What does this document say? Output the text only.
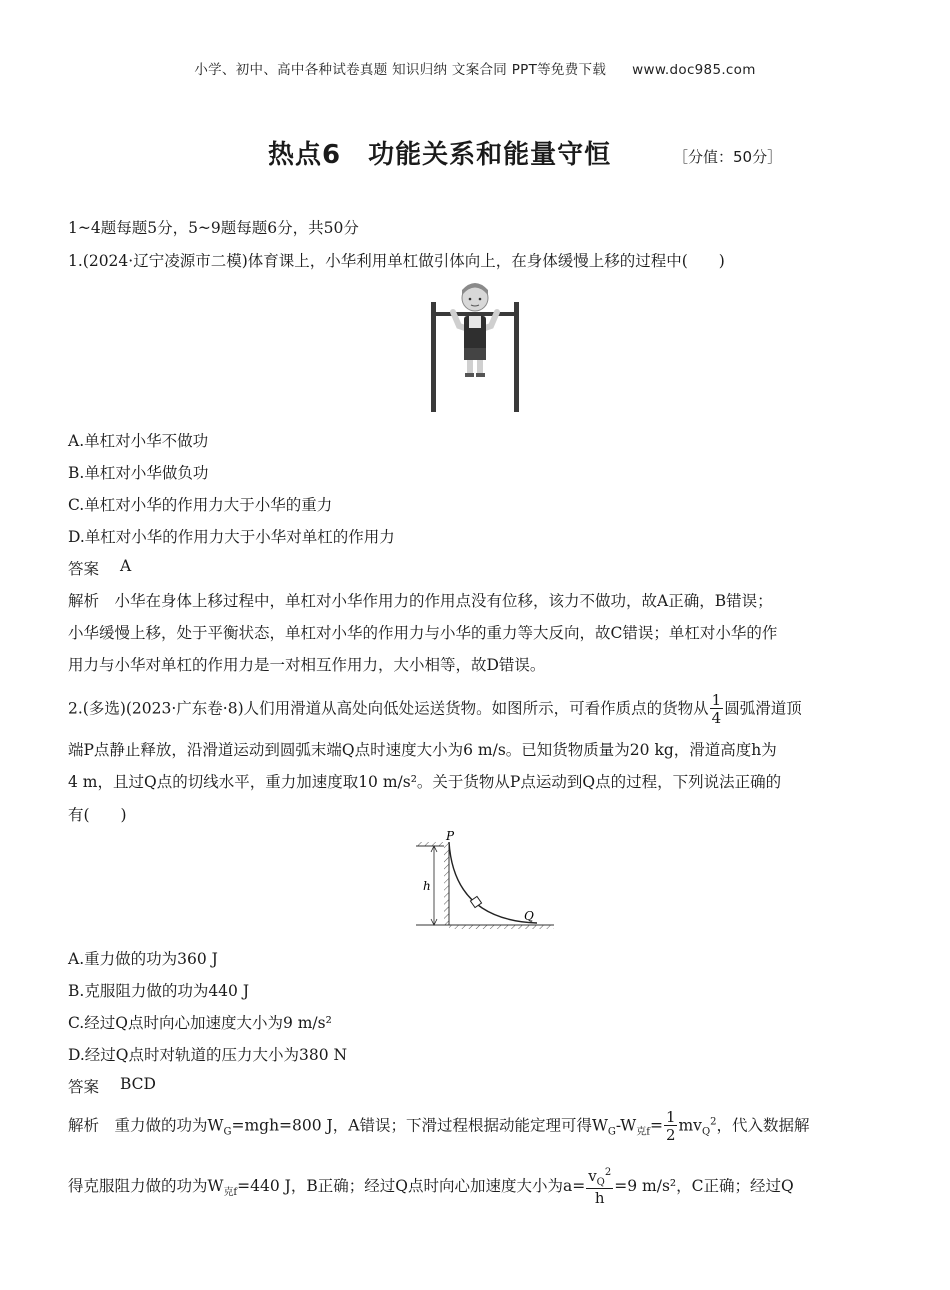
小学、初中、高中各种试卷真题 知识归纳 文案合同 PPT等免费下载 www.doc985.com
热点6　功能关系和能量守恒	［分值：50分］
1~4题每题5分，5~9题每题6分，共50分
1.(2024·辽宁凌源市二模)体育课上，小华利用单杠做引体向上，在身体缓慢上移的过程中(　　)
A.单杠对小华不做功
B.单杠对小华做负功
C.单杠对小华的作用力大于小华的重力
D.单杠对小华的作用力大于小华对单杠的作用力
答案 A
解析　 小华在身体上移过程中，单杠对小华作用力的作用点没有位移，该力不做功，故A正确，B错误；
小华缓慢上移，处于平衡状态，单杠对小华的作用力与小华的重力等大反向，故C错误；单杠对小华的作
用力与小华对单杠的作用力是一对相互作用力，大小相等，故D错误。
2.(多选)(2023·广东卷·8)人们用滑道从高处向低处运送货物。如图所示，可看作质点的货物从 $\frac{1}{4}$ 圆弧滑道顶
端P点静止释放，沿滑道运动到圆弧末端Q点时速度大小为6 m/s。已知货物质量为20 kg，滑道高度h为
4 m，且过Q点的切线水平，重力加速度取10 m/s²。关于货物从P点运动到Q点的过程，下列说法正确的
有(　　)
P
h
Q
A.重力做的功为360 J
B.克服阻力做的功为440 J
C.经过Q点时向心加速度大小为9 m/s²
D.经过Q点时对轨道的压力大小为380 N
答案 BCD
解析　 重力做的功为$W_G=mgh=800$ J，A错误；下滑过程根据动能定理可得$W_G-W_{克f}= \frac{1}{2} mv_Q^2$，代入数据解
得克服阻力做的功为$W_{克f}=440$ J，B正确；经过Q点时向心加速度大小为$a= \frac{v_Q^2}{h} =9$ m/s²，C正确；经过Q
